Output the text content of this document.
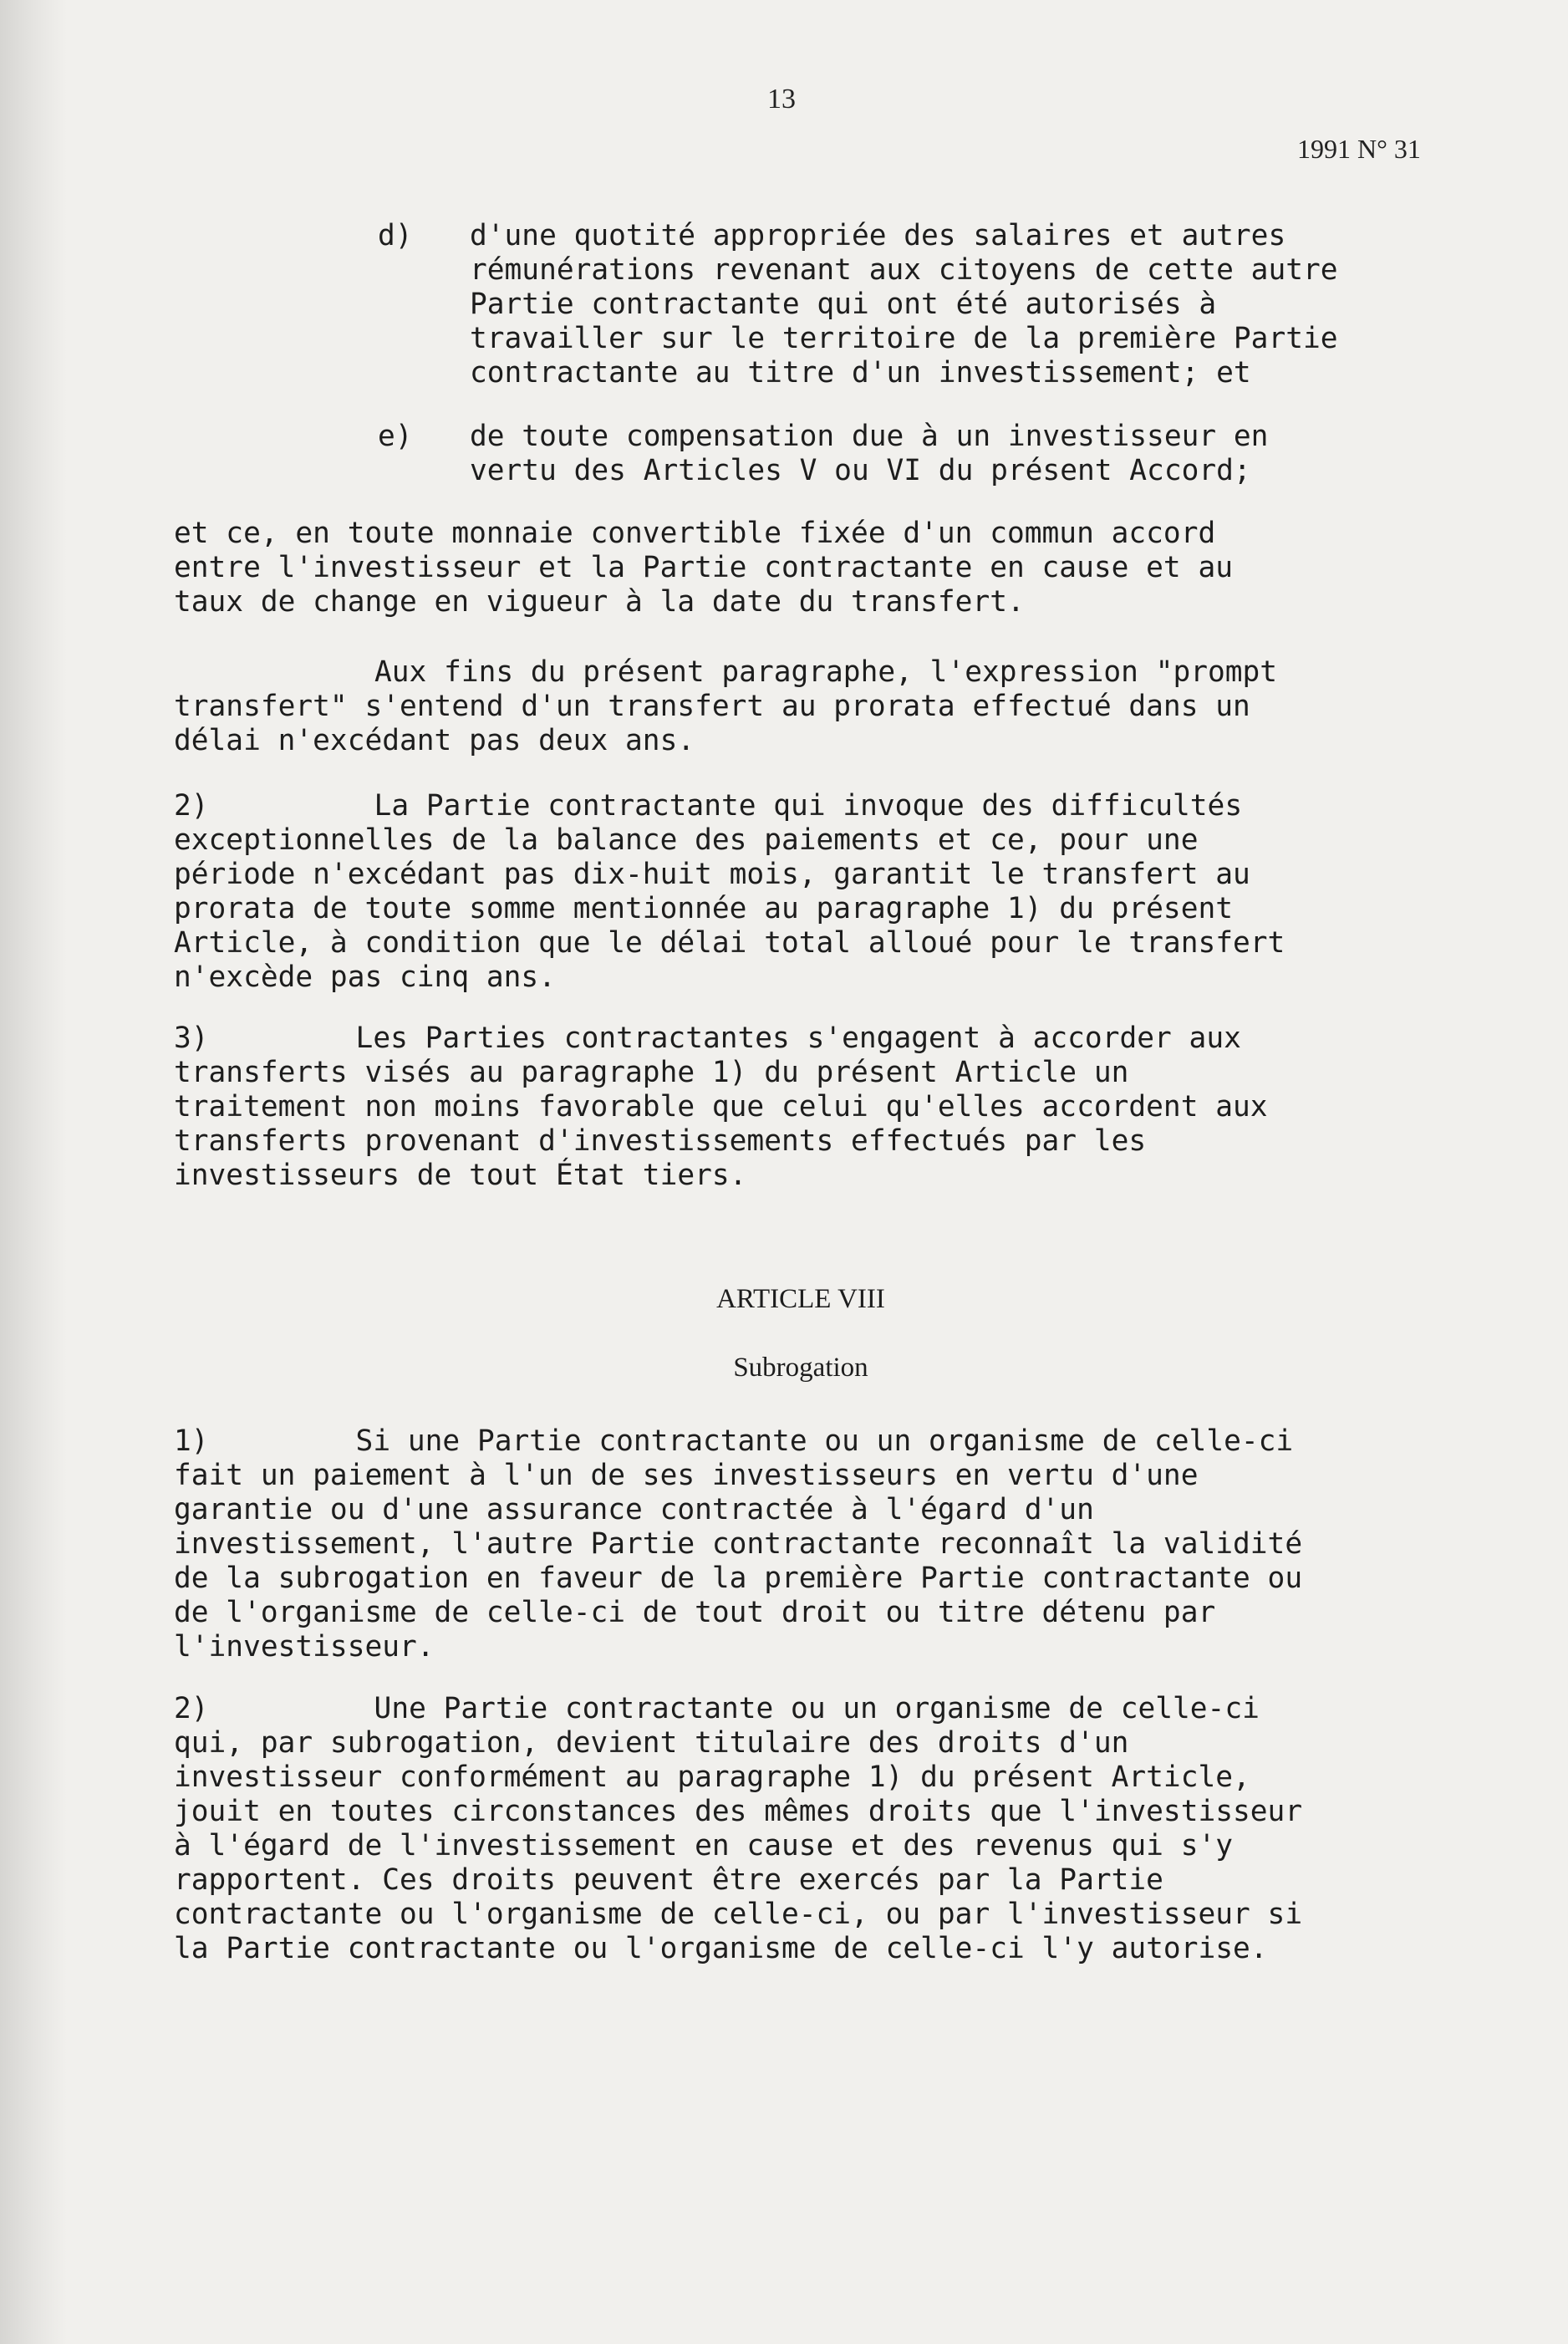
13
1991 N° 31
d) d'une quotité appropriée des salaires et autres
rémunérations revenant aux citoyens de cette autre
Partie contractante qui ont été autorisés à
travailler sur le territoire de la première Partie
contractante au titre d'un investissement; et
e) de toute compensation due à un investisseur en
vertu des Articles V ou VI du présent Accord;
et ce, en toute monnaie convertible fixée d'un commun accord
entre l'investisseur et la Partie contractante en cause et au
taux de change en vigueur à la date du transfert.
Aux fins du présent paragraphe, l'expression "prompt
transfert" s'entend d'un transfert au prorata effectué dans un
délai n'excédant pas deux ans.
2)	La Partie contractante qui invoque des difficultés
exceptionnelles de la balance des paiements et ce, pour une
période n'excédant pas dix-huit mois, garantit le transfert au
prorata de toute somme mentionnée au paragraphe 1) du présent
Article, à condition que le délai total alloué pour le transfert
n'excède pas cinq ans.
3)	Les Parties contractantes s'engagent à accorder aux
transferts visés au paragraphe 1) du présent Article un
traitement non moins favorable que celui qu'elles accordent aux
transferts provenant d'investissements effectués par les
investisseurs de tout État tiers.
ARTICLE VIII
Subrogation
1)	Si une Partie contractante ou un organisme de celle-ci
fait un paiement à l'un de ses investisseurs en vertu d'une
garantie ou d'une assurance contractée à l'égard d'un
investissement, l'autre Partie contractante reconnaît la validité
de la subrogation en faveur de la première Partie contractante ou
de l'organisme de celle-ci de tout droit ou titre détenu par
l'investisseur.
2)	Une Partie contractante ou un organisme de celle-ci
qui, par subrogation, devient titulaire des droits d'un
investisseur conformément au paragraphe 1) du présent Article,
jouit en toutes circonstances des mêmes droits que l'investisseur
à l'égard de l'investissement en cause et des revenus qui s'y
rapportent. Ces droits peuvent être exercés par la Partie
contractante ou l'organisme de celle-ci, ou par l'investisseur si
la Partie contractante ou l'organisme de celle-ci l'y autorise.
